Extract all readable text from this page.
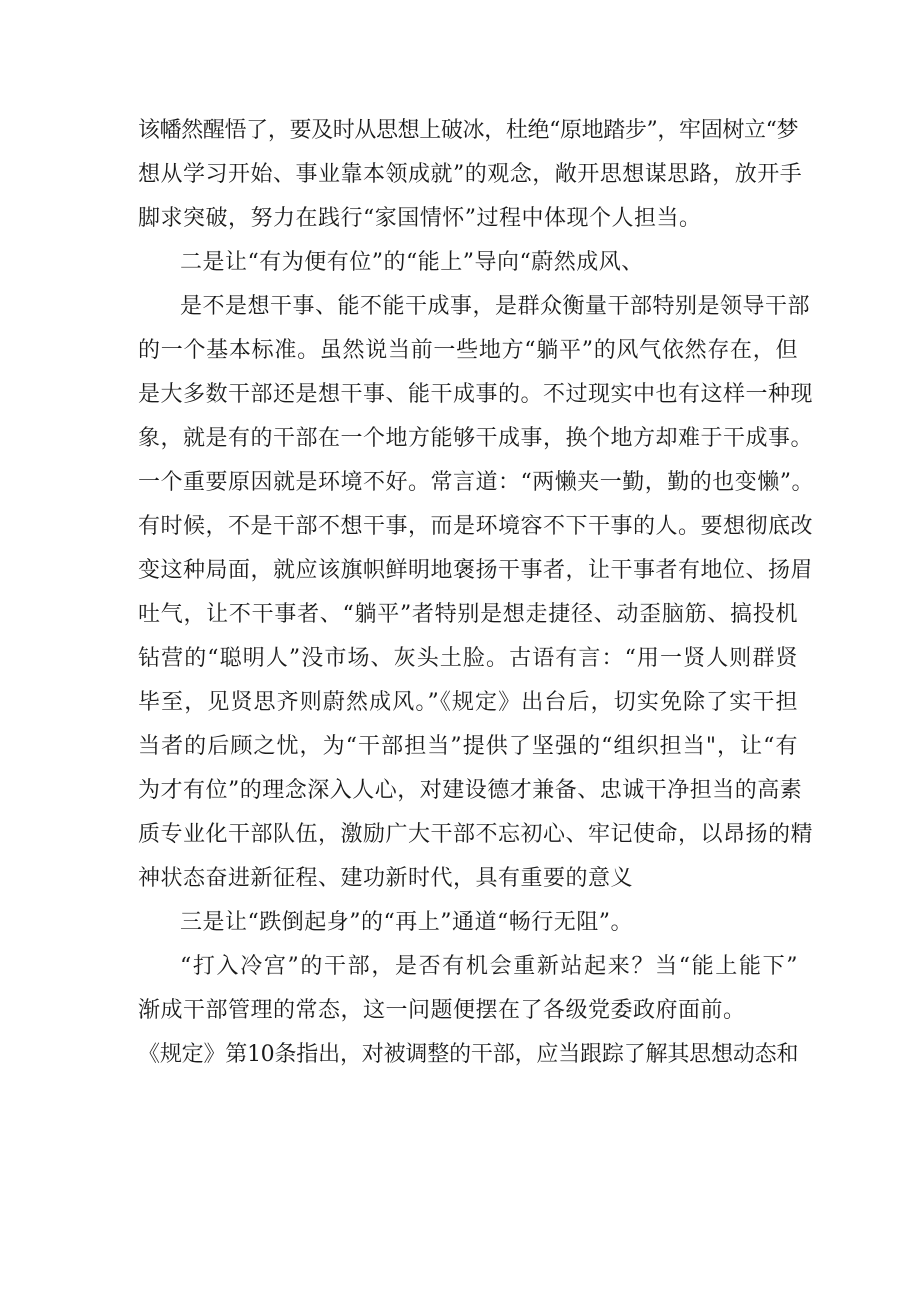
该幡然醒悟了，要及时从思想上破冰，杜绝“原地踏步”，牢固树立“梦
想从学习开始、事业靠本领成就”的观念，敞开思想谋思路，放开手
脚求突破，努力在践行“家国情怀”过程中体现个人担当。
二是让“有为便有位”的“能上”导向“蔚然成风、
是不是想干事、能不能干成事，是群众衡量干部特别是领导干部
的一个基本标准。虽然说当前一些地方“躺平”的风气依然存在，但
是大多数干部还是想干事、能干成事的。不过现实中也有这样一种现
象，就是有的干部在一个地方能够干成事，换个地方却难于干成事。
一个重要原因就是环境不好。常言道：“两懒夹一勤，勤的也变懒”。
有时候，不是干部不想干事，而是环境容不下干事的人。要想彻底改
变这种局面，就应该旗帜鲜明地褒扬干事者，让干事者有地位、扬眉
吐气，让不干事者、“躺平”者特别是想走捷径、动歪脑筋、搞投机
钻营的“聪明人”没市场、灰头土脸。古语有言：“用一贤人则群贤
毕至，见贤思齐则蔚然成风。”《规定》出台后，切实免除了实干担
当者的后顾之忧，为“干部担当”提供了坚强的“组织担当"，让“有
为才有位”的理念深入人心，对建设德才兼备、忠诚干净担当的高素
质专业化干部队伍，激励广大干部不忘初心、牢记使命，以昂扬的精
神状态奋进新征程、建功新时代，具有重要的意义
三是让“跌倒起身”的“再上”通道“畅行无阻”。
“打入冷宫”的干部，是否有机会重新站起来？当“能上能下”
渐成干部管理的常态，这一问题便摆在了各级党委政府面前。
《规定》第10条指出，对被调整的干部，应当跟踪了解其思想动态和
